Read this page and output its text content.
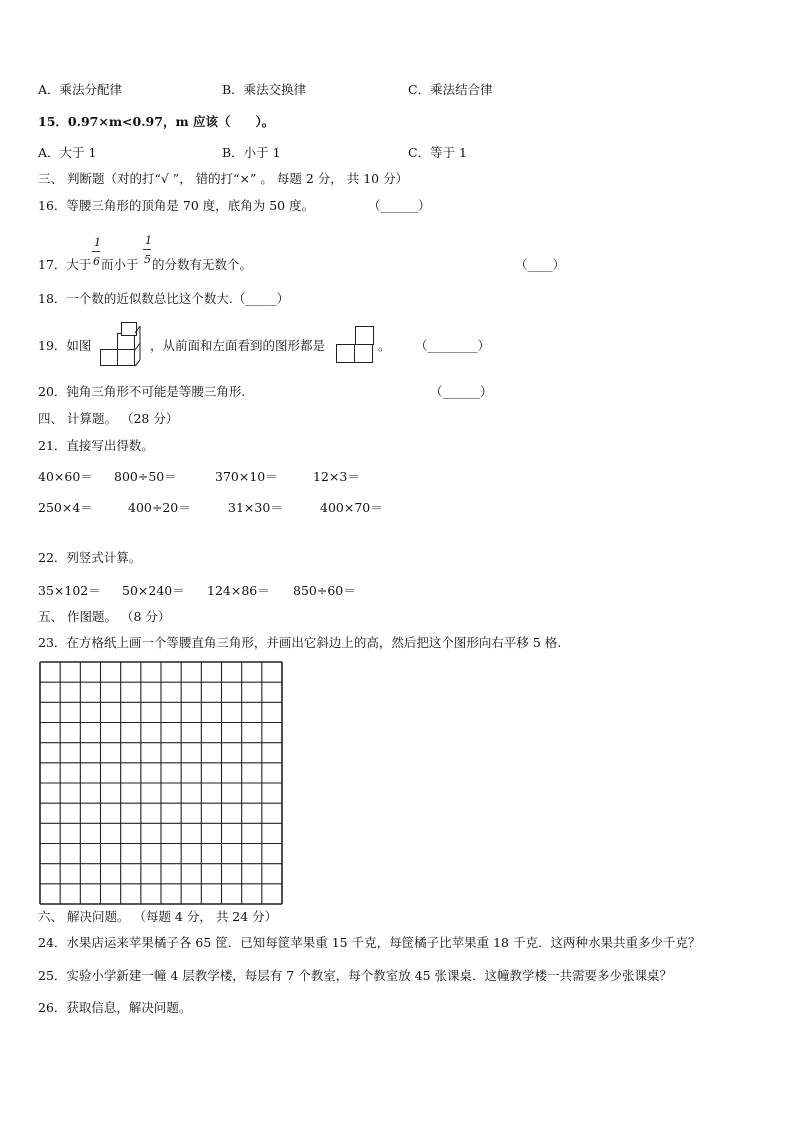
A．乘法分配律	B．乘法交换律	C．乘法结合律
15．0.97×m<0.97，m 应该（　　）。
A．大于 1	B．小于 1	C．等于 1
三、 判断题（对的打“√ ”， 错的打“×” 。 每题 2 分， 共 10 分）
16．等腰三角形的顶角是 70 度，底角为 50 度。	（______）
17．大于
1
6 而小于
1
5 的分数有无数个。	（____）
18．一个数的近似数总比这个数大.（_____）
19．如图	，从前面和左面看到的图形都是	。 （________）
20．钝角三角形不可能是等腰三角形.	（______）
四、 计算题。 （28 分）
21．直接写出得数。
40×60＝ 800÷50＝	370×10＝	12×3＝
250×4＝	400÷20＝	31×30＝	400×70＝
22．列竖式计算。
35×102＝ 50×240＝ 124×86＝ 850÷60＝
五、 作图题。 （8 分）
23．在方格纸上画一个等腰直角三角形，并画出它斜边上的高，然后把这个图形向右平移 5 格.
六、 解决问题。 （每题 4 分， 共 24 分）
24．水果店运来苹果橘子各 65 筐．已知每筐苹果重 15 千克，每筐橘子比苹果重 18 千克．这两种水果共重多少千克？
25．实验小学新建一幢 4 层教学楼，每层有 7 个教室，每个教室放 45 张课桌．这幢教学楼一共需要多少张课桌？
26．获取信息，解决问题。
